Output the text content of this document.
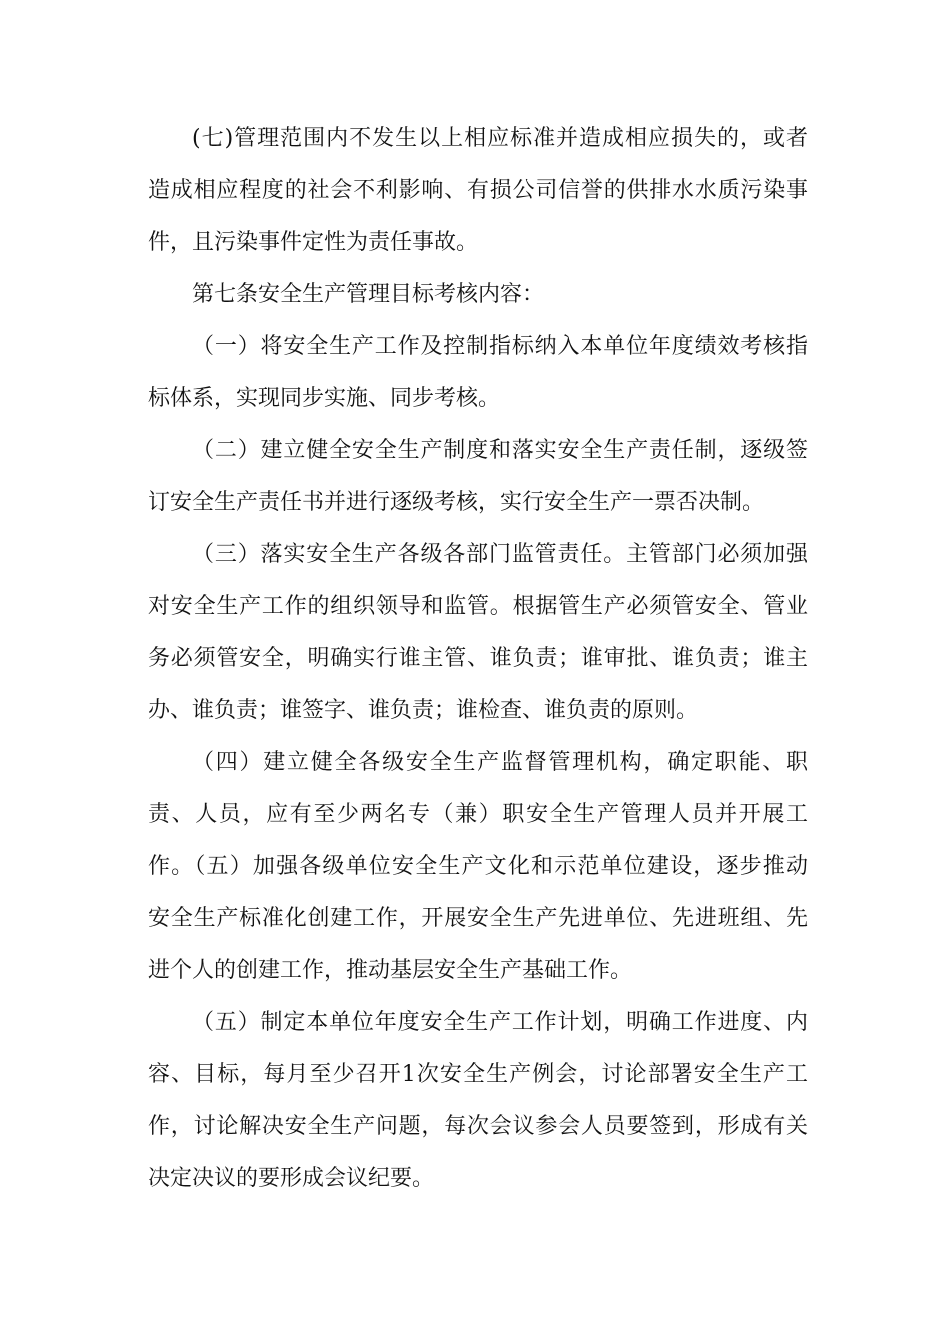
(七)管理范围内不发生以上相应标准并造成相应损失的，或者
造成相应程度的社会不利影响、有损公司信誉的供排水水质污染事
件，且污染事件定性为责任事故。
第七条安全生产管理目标考核内容：
（一）将安全生产工作及控制指标纳入本单位年度绩效考核指
标体系，实现同步实施、同步考核。
（二）建立健全安全生产制度和落实安全生产责任制，逐级签
订安全生产责任书并进行逐级考核，实行安全生产一票否决制。
（三）落实安全生产各级各部门监管责任。主管部门必须加强
对安全生产工作的组织领导和监管。根据管生产必须管安全、管业
务必须管安全，明确实行谁主管、谁负责；谁审批、谁负责；谁主
办、谁负责；谁签字、谁负责；谁检查、谁负责的原则。
（四）建立健全各级安全生产监督管理机构，确定职能、职
责、人员，应有至少两名专（兼）职安全生产管理人员并开展工
作。（五）加强各级单位安全生产文化和示范单位建设，逐步推动
安全生产标准化创建工作，开展安全生产先进单位、先进班组、先
进个人的创建工作，推动基层安全生产基础工作。
（五）制定本单位年度安全生产工作计划，明确工作进度、内
容、目标，每月至少召开1次安全生产例会，讨论部署安全生产工
作，讨论解决安全生产问题，每次会议参会人员要签到，形成有关
决定决议的要形成会议纪要。
